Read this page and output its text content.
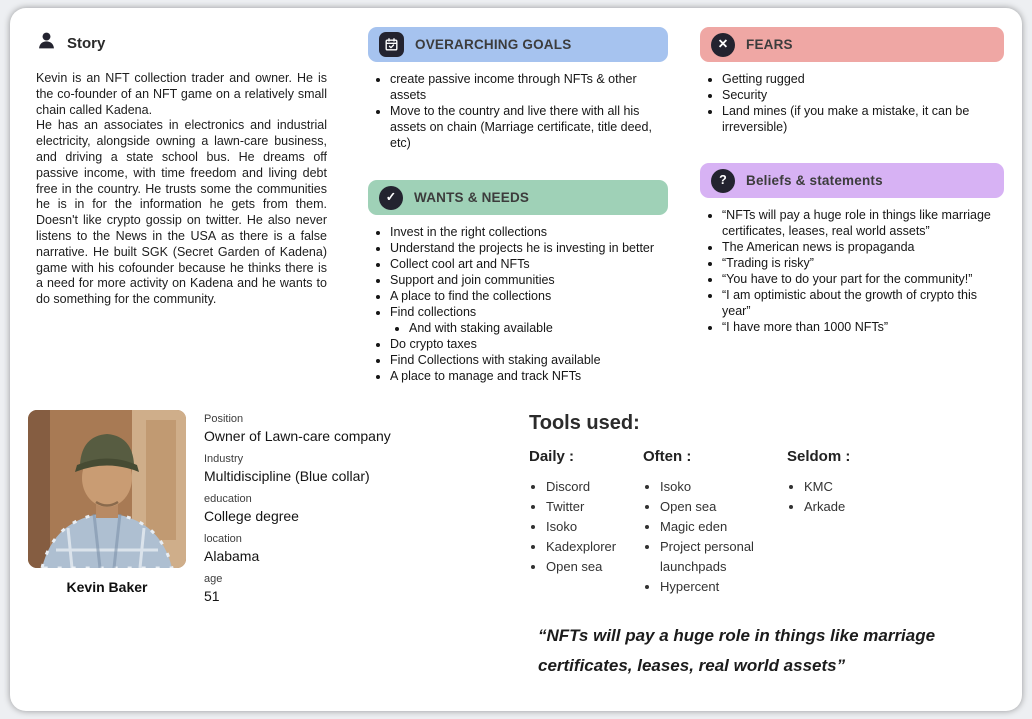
Story

Kevin is an NFT collection trader and owner. He is the co-founder of an NFT game on a relatively small chain called Kadena.

He has an associates in electronics and industrial electricity, alongside owning a lawn-care business, and driving a state school bus. He dreams off passive income, with time freedom and living debt free in the country. He trusts some the communities he is in for the information he gets from them. Doesn't like crypto gossip on twitter. He also never listens to the News in the USA as there is a false narrative. He built SGK (Secret Garden of Kadena) game with his cofounder because he thinks there is a need for more activity on Kadena and he wants to do something for the community.

OVERARCHING GOALS
• create passive income through NFTs & other assets
• Move to the country and live there with all his assets on chain (Marriage certificate, title deed, etc)
✓	WANTS & NEEDS
• Invest in the right collections
• Understand the projects he is investing in better
• Collect cool art and NFTs
• Support and join communities
• A place to find the collections
• Find collections
• And with staking available
• Do crypto taxes
• Find Collections with staking available
• A place to manage and track NFTs
✕	FEARS
• Getting rugged
• Security
• Land mines (if you make a mistake, it can be irreversible)
?	Beliefs & statements
• “NFTs will pay a huge role in things like marriage certificates, leases, real world assets”
• The American news is propaganda
• “Trading is risky”
• “You have to do your part for the community!”
• “I am optimistic about the growth of crypto this year”
• “I have more than 1000 NFTs”
Kevin Baker
Position
Owner of Lawn-care company
Industry
Multidiscipline (Blue collar)
education
College degree
location
Alabama
age
51
Tools used:
Daily :
• Discord
• Twitter
• Isoko
• Kadexplorer
• Open sea
Often :
• Isoko
• Open sea
• Magic eden
• Project personal launchpads
• Hypercent
Seldom :
• KMC
• Arkade
“NFTs will pay a huge role in things like marriage certificates, leases, real world assets”
